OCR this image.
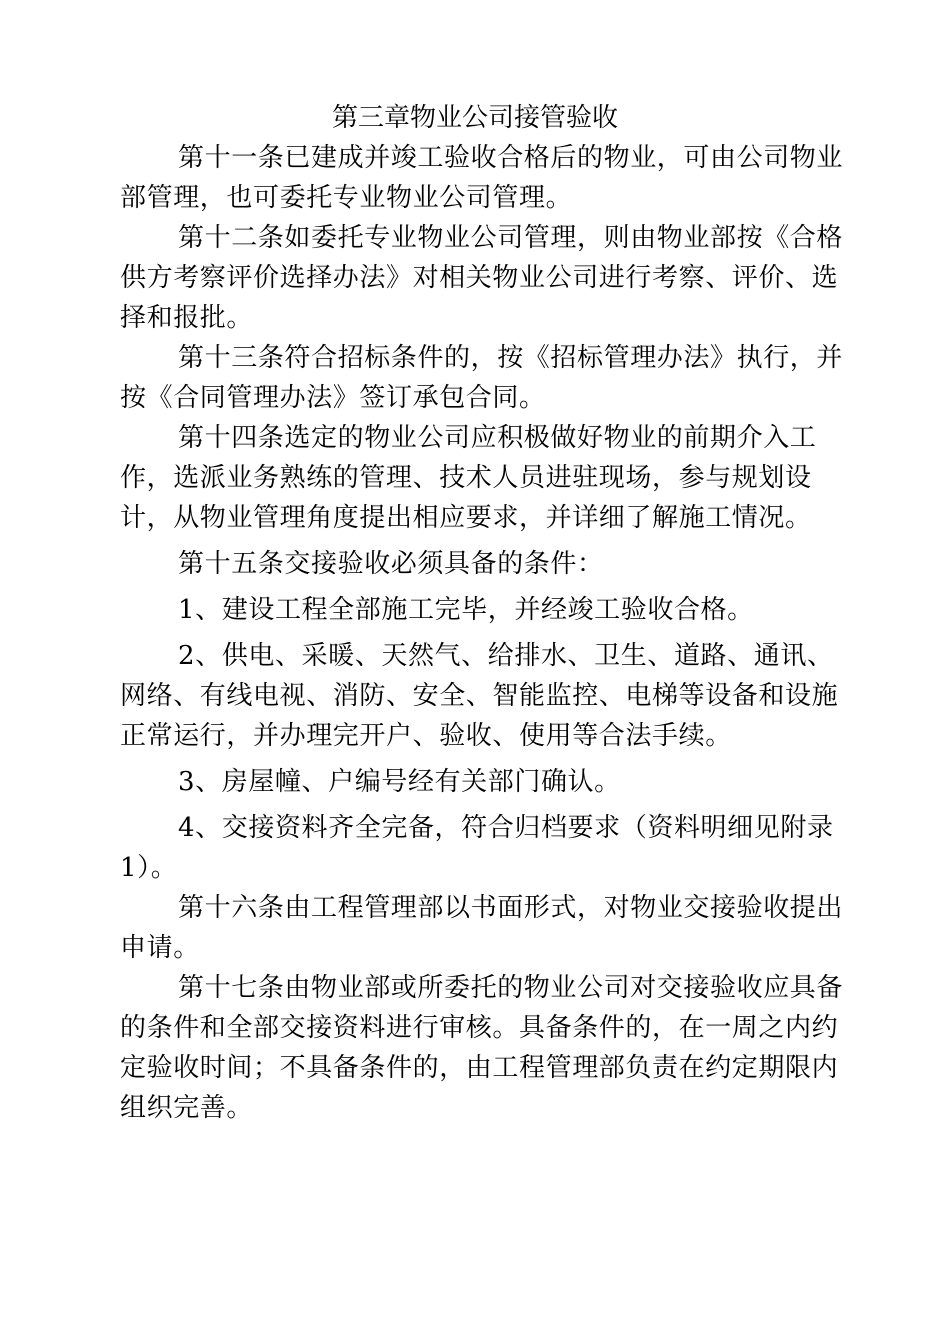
第三章物业公司接管验收

第十一条已建成并竣工验收合格后的物业，可由公司物业部管理，也可委托专业物业公司管理。

第十二条如委托专业物业公司管理，则由物业部按《合格供方考察评价选择办法》对相关物业公司进行考察、评价、选择和报批。

第十三条符合招标条件的，按《招标管理办法》执行，并按《合同管理办法》签订承包合同。

第十四条选定的物业公司应积极做好物业的前期介入工作，选派业务熟练的管理、技术人员进驻现场，参与规划设计，从物业管理角度提出相应要求，并详细了解施工情况。

第十五条交接验收必须具备的条件：

1、建设工程全部施工完毕，并经竣工验收合格。

2、供电、采暖、天然气、给排水、卫生、道路、通讯、网络、有线电视、消防、安全、智能监控、电梯等设备和设施正常运行，并办理完开户、验收、使用等合法手续。

3、房屋幢、户编号经有关部门确认。

4、交接资料齐全完备，符合归档要求（资料明细见附录1）。

第十六条由工程管理部以书面形式，对物业交接验收提出申请。

第十七条由物业部或所委托的物业公司对交接验收应具备的条件和全部交接资料进行审核。具备条件的，在一周之内约定验收时间；不具备条件的，由工程管理部负责在约定期限内组织完善。
